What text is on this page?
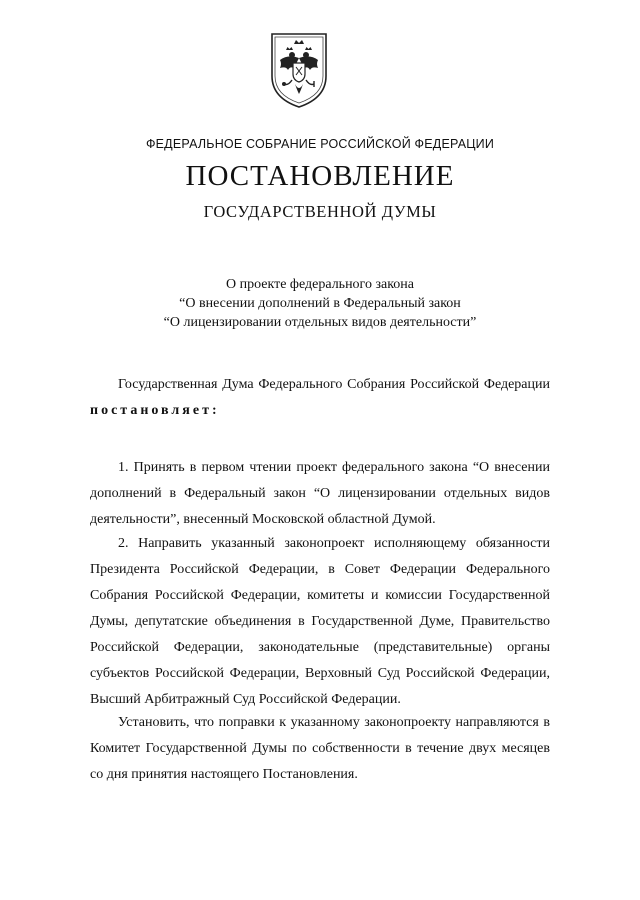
ФЕДЕРАЛЬНОЕ СОБРАНИЕ РОССИЙСКОЙ ФЕДЕРАЦИИ
ПОСТАНОВЛЕНИЕ
ГОСУДАРСТВЕННОЙ ДУМЫ
О проекте федерального закона
“О внесении дополнений в Федеральный закон
“О лицензировании отдельных видов деятельности”
Государственная Дума Федерального Собрания Российской Федерации постановляет:
1. Принять в первом чтении проект федерального закона “О внесении дополнений в Федеральный закон “О лицензировании отдельных видов деятельности”, внесенный Московской областной Думой.
2. Направить указанный законопроект исполняющему обязанности Президента Российской Федерации, в Совет Федерации Федерального Собрания Российской Федерации, комитеты и комиссии Государственной Думы, депутатские объединения в Государственной Думе, Правительство Российской Федерации, законодательные (представительные) органы субъектов Российской Федерации, Верховный Суд Российской Федерации, Высший Арбитражный Суд Российской Федерации.
Установить, что поправки к указанному законопроекту направляются в Комитет Государственной Думы по собственности в течение двух месяцев со дня принятия настоящего Постановления.
